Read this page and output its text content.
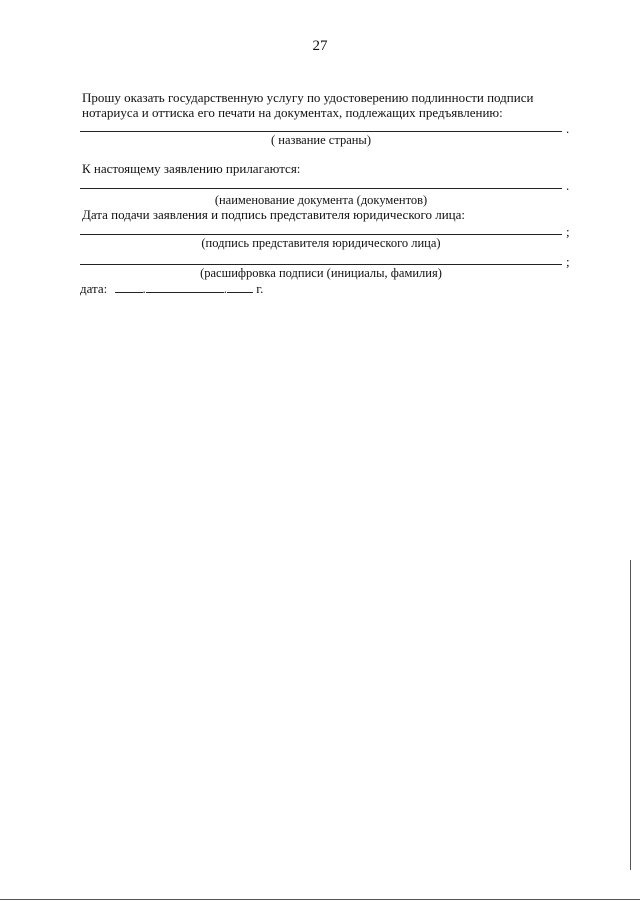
27
Прошу оказать государственную услугу по удостоверению подлинности подписи
нотариуса и оттиска его печати на документах, подлежащих предъявлению:
.
( название страны)
К настоящему заявлению прилагаются:
.
(наименование документа (документов)
Дата подачи заявления и подпись представителя юридического лица:
;
(подпись представителя юридического лица)
;
(расшифровка подписи (инициалы, фамилия)
дата:	.	. г.
